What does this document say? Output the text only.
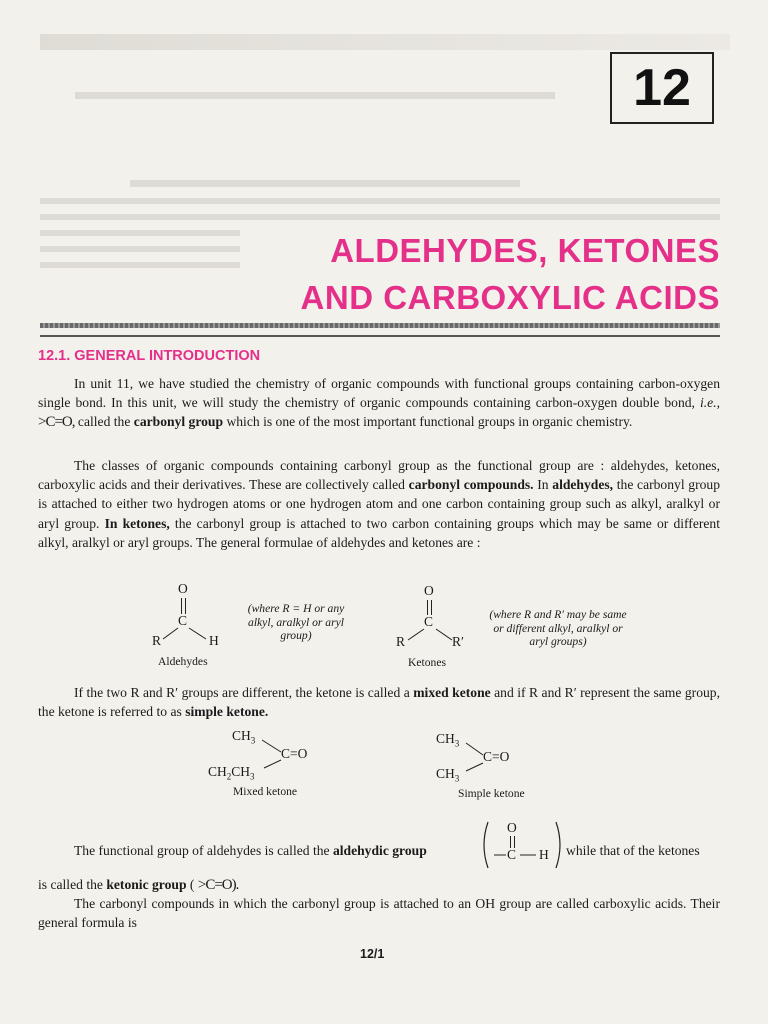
12
ALDEHYDES, KETONES
AND CARBOXYLIC ACIDS
12.1. GENERAL INTRODUCTION
In unit 11, we have studied the chemistry of organic compounds with functional groups containing carbon-oxygen single bond. In this unit, we will study the chemistry of organic compounds containing carbon-oxygen double bond, i.e., >C=O, called the carbonyl group which is one of the most important functional groups in organic chemistry.
The classes of organic compounds containing carbonyl group as the functional group are : aldehydes, ketones, carboxylic acids and their derivatives. These are collectively called carbonyl compounds. In aldehydes, the carbonyl group is attached to either two hydrogen atoms or one hydrogen atom and one carbon containing group such as alkyl, aralkyl or aryl group. In ketones, the carbonyl group is attached to two carbon containing groups which may be same or different alkyl, aralkyl or aryl groups. The general formulae of aldehydes and ketones are :
O
C
R	H
Aldehydes
(where R = H or any alkyl, aralkyl or aryl group)
O
C
R	R′
Ketones
(where R and R′ may be same or different alkyl, aralkyl or aryl groups)
If the two R and R′ groups are different, the ketone is called a mixed ketone and if R and R′ represent the same group, the ketone is referred to as simple ketone.
$CH_3$
C=O
$CH_2CH_3$
Mixed ketone
$CH_3$
C=O
$CH_3$
Simple ketone
The functional group of aldehydes is called the aldehydic group
O
C H while that of the ketones
is called the ketonic group ( >C=O).
The carbonyl compounds in which the carbonyl group is attached to an OH group are called carboxylic acids. Their general formula is
12/1
